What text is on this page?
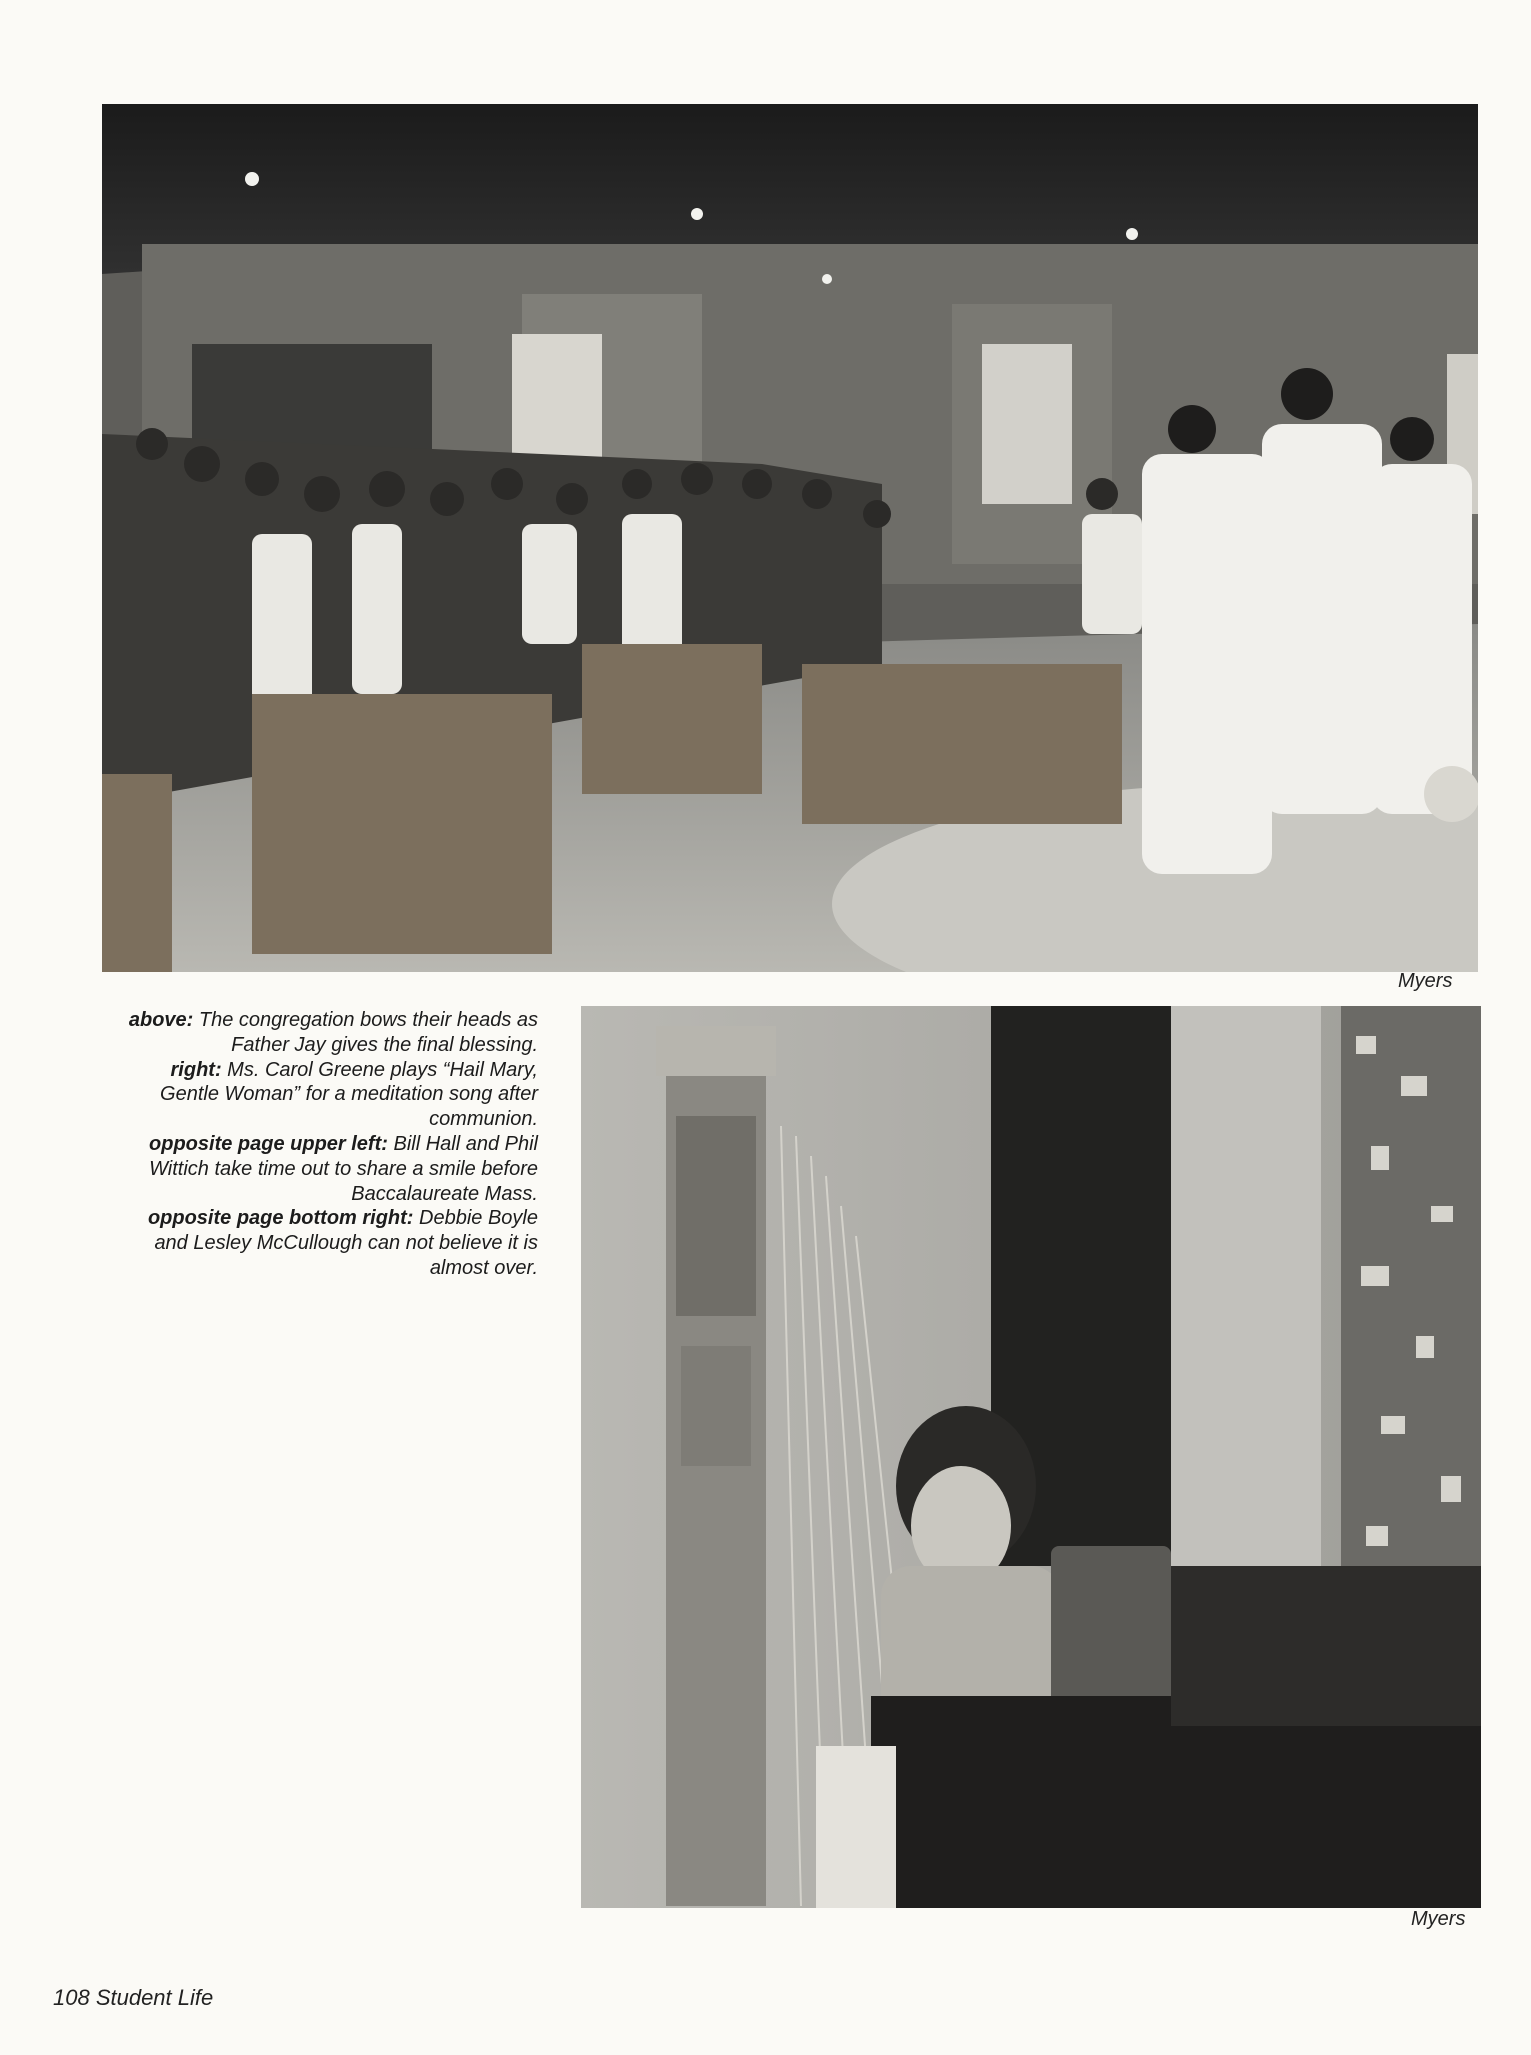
Myers

above: The congregation bows their heads as Father Jay gives the final blessing.

right: Ms. Carol Greene plays “Hail Mary, Gentle Woman” for a meditation song after communion.

opposite page upper left: Bill Hall and Phil Wittich take time out to share a smile before Baccalaureate Mass.

opposite page bottom right: Debbie Boyle and Lesley McCullough can not believe it is almost over.

Myers
108 Student Life
